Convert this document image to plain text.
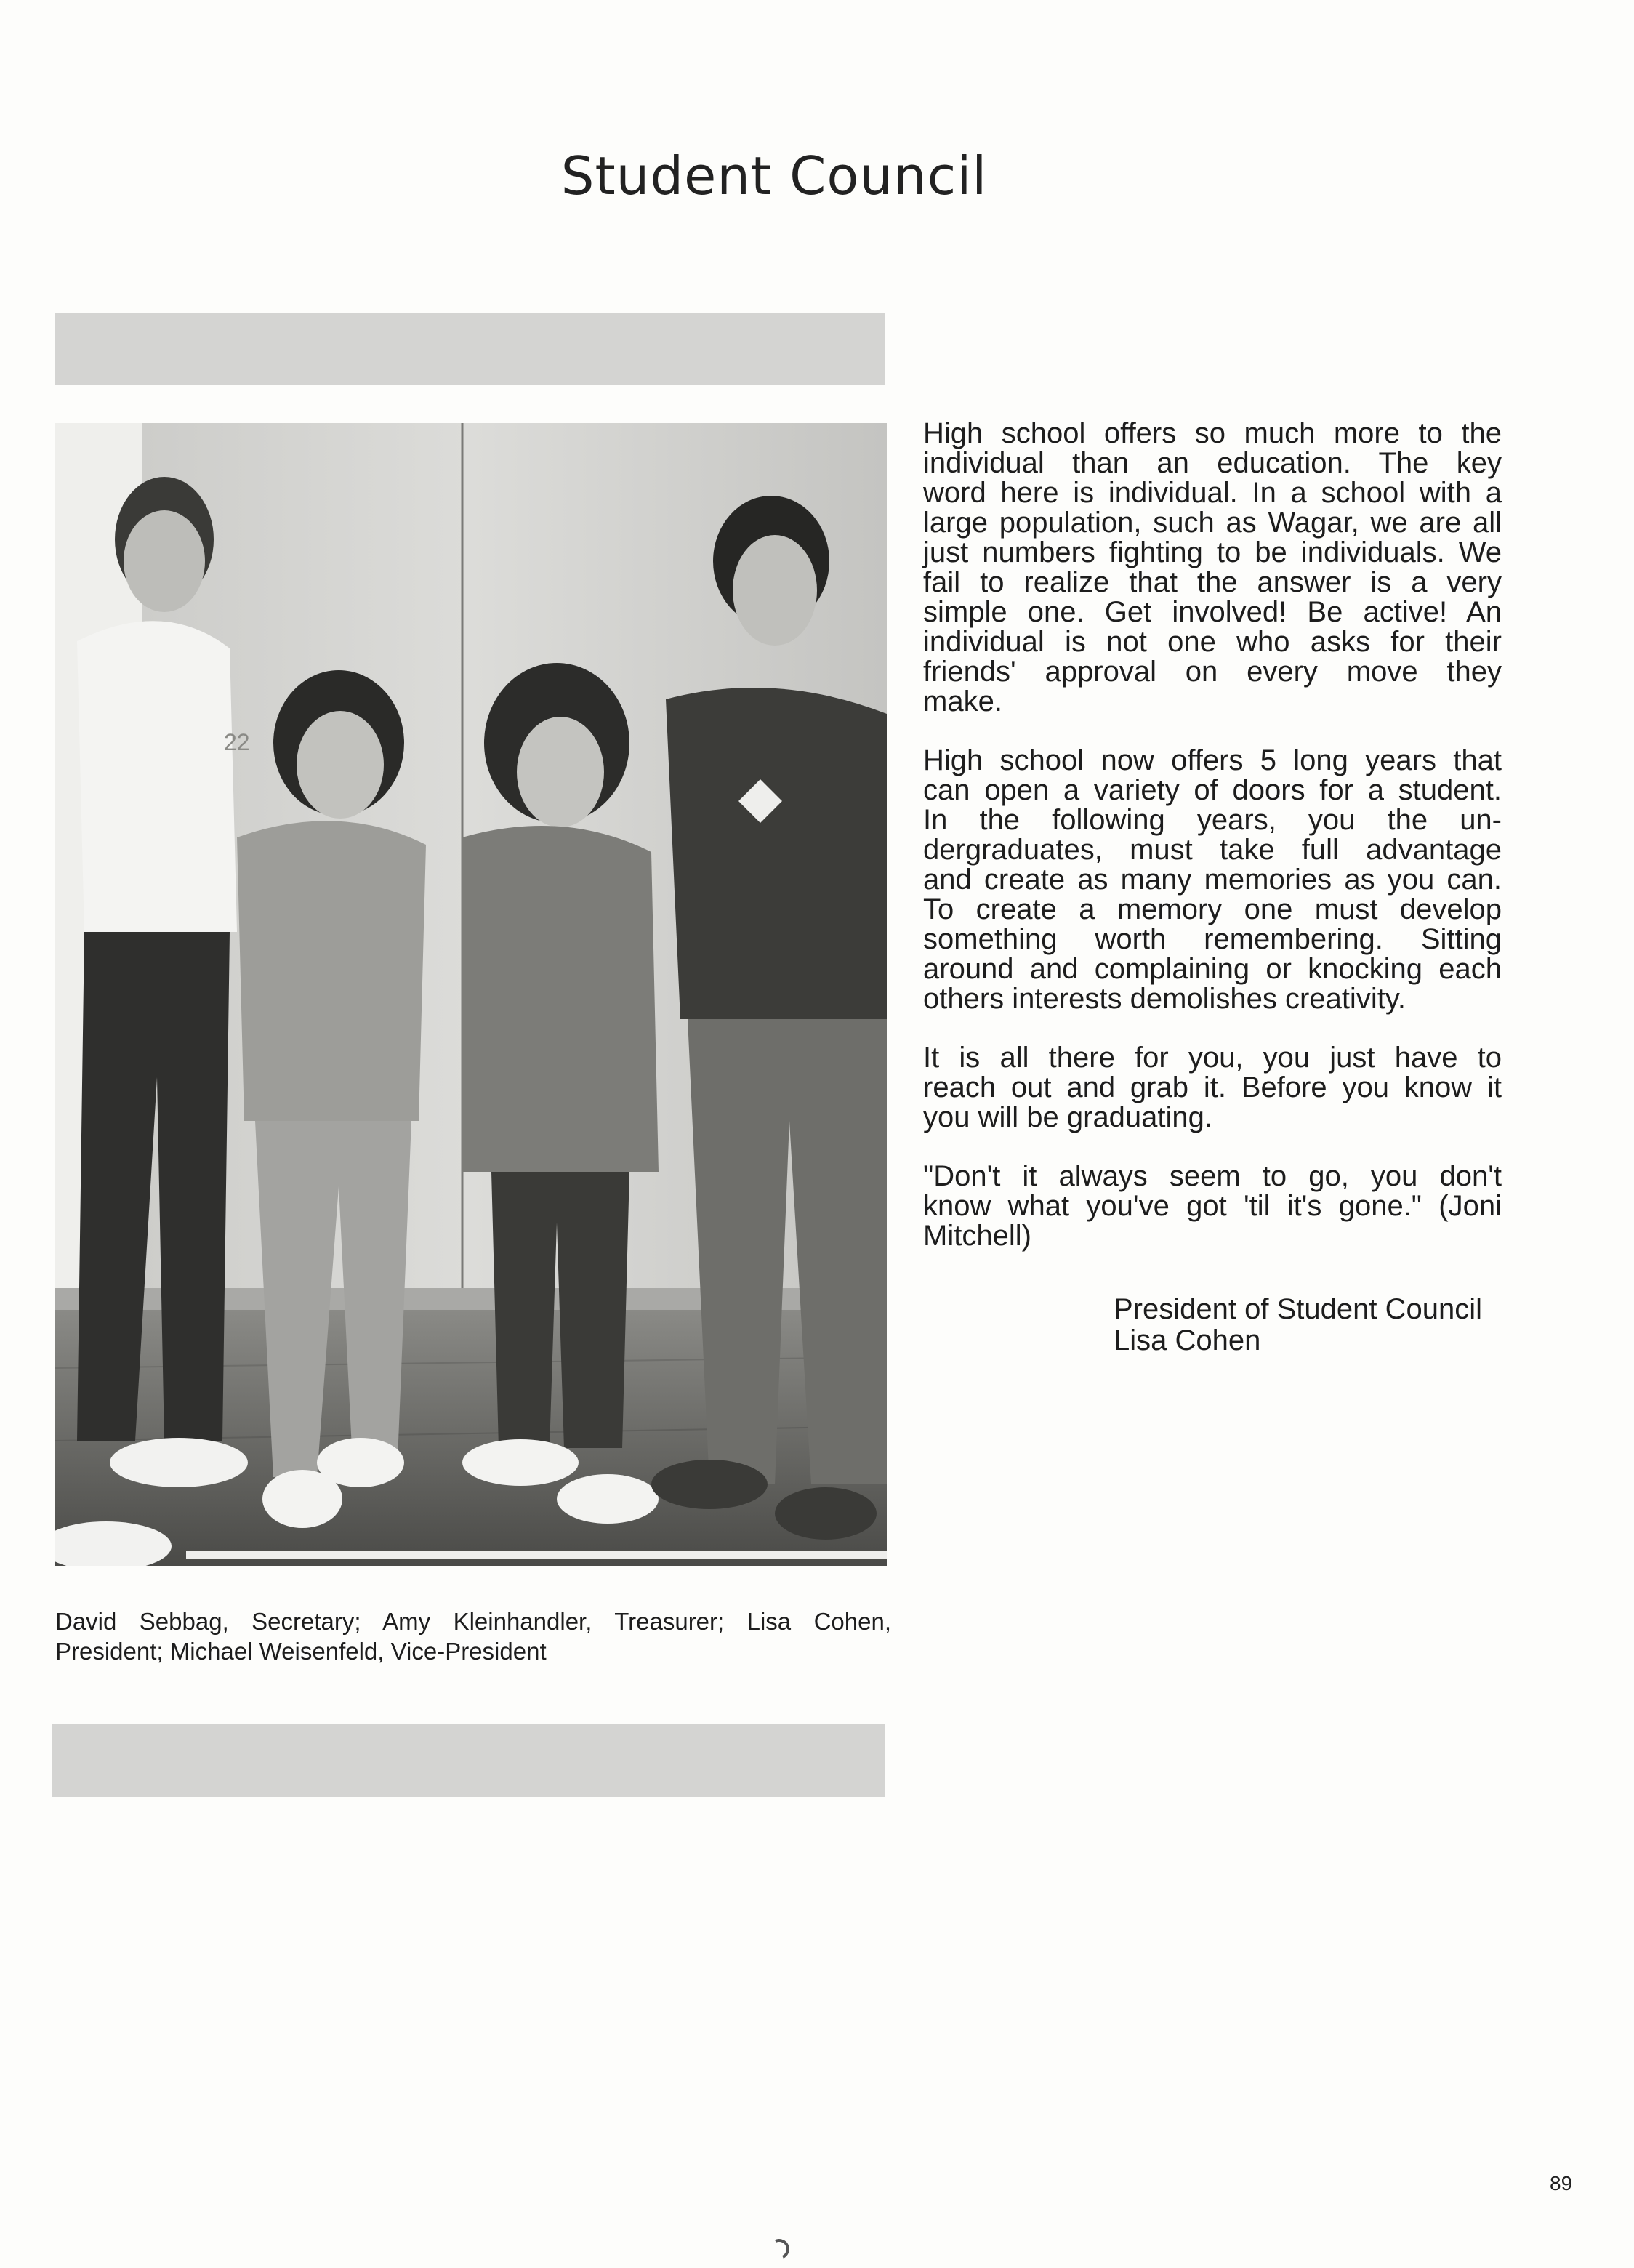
Student Council
22
David Sebbag, Secretary; Amy Kleinhandler, Treasurer; Lisa Cohen,
President; Michael Weisenfeld, Vice-President
High school offers so much more to the
individual than an education. The key
word here is individual. In a school with a
large population, such as Wagar, we are all
just numbers fighting to be individuals. We
fail to realize that the answer is a very
simple one. Get involved! Be active! An
individual is not one who asks for their
friends' approval on every move they
make.
High school now offers 5 long years that
can open a variety of doors for a student.
In the following years, you the un-
dergraduates, must take full advantage
and create as many memories as you can.
To create a memory one must develop
something worth remembering. Sitting
around and complaining or knocking each
others interests demolishes creativity.
It is all there for you, you just have to
reach out and grab it. Before you know it
you will be graduating.
"Don't it always seem to go, you don't
know what you've got 'til it's gone." (Joni
Mitchell)
President of Student Council
Lisa Cohen
89
